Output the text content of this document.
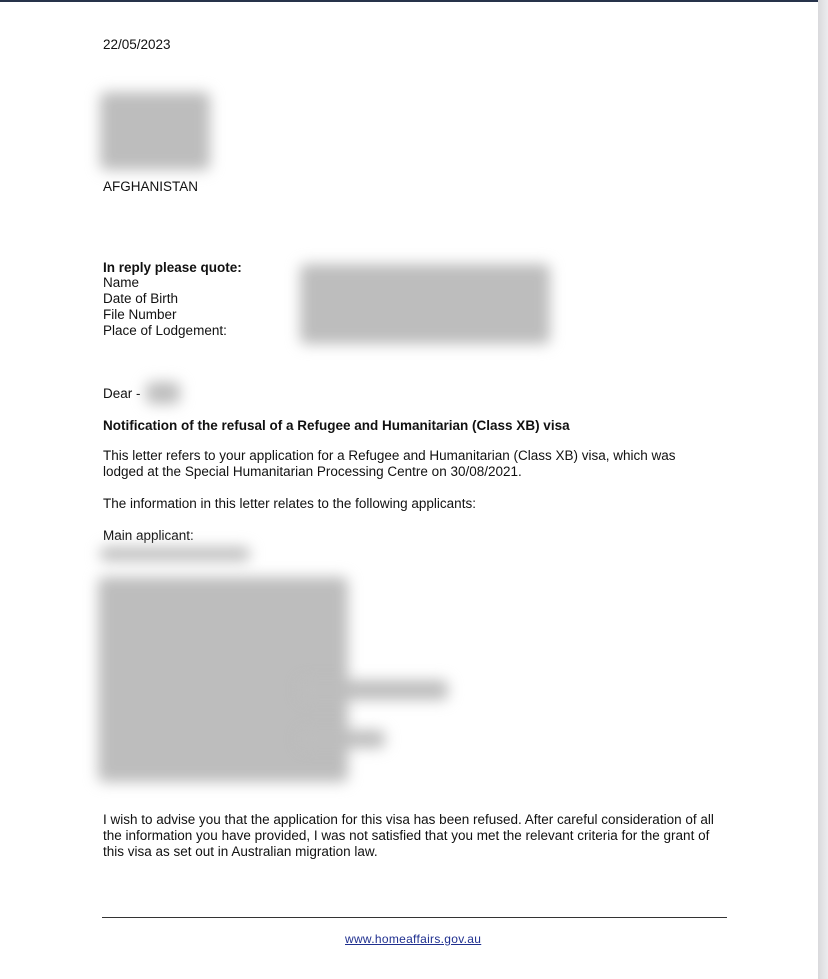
22/05/2023
AFGHANISTAN
In reply please quote:
Name
Date of Birth
File Number
Place of Lodgement:
Dear -
Notification of the refusal of a Refugee and Humanitarian (Class XB) visa
This letter refers to your application for a Refugee and Humanitarian (Class XB) visa, which was
lodged at the Special Humanitarian Processing Centre on 30/08/2021.
The information in this letter relates to the following applicants:
Main applicant:
I wish to advise you that the application for this visa has been refused. After careful consideration of all
the information you have provided, I was not satisfied that you met the relevant criteria for the grant of
this visa as set out in Australian migration law.
www.homeaffairs.gov.au
